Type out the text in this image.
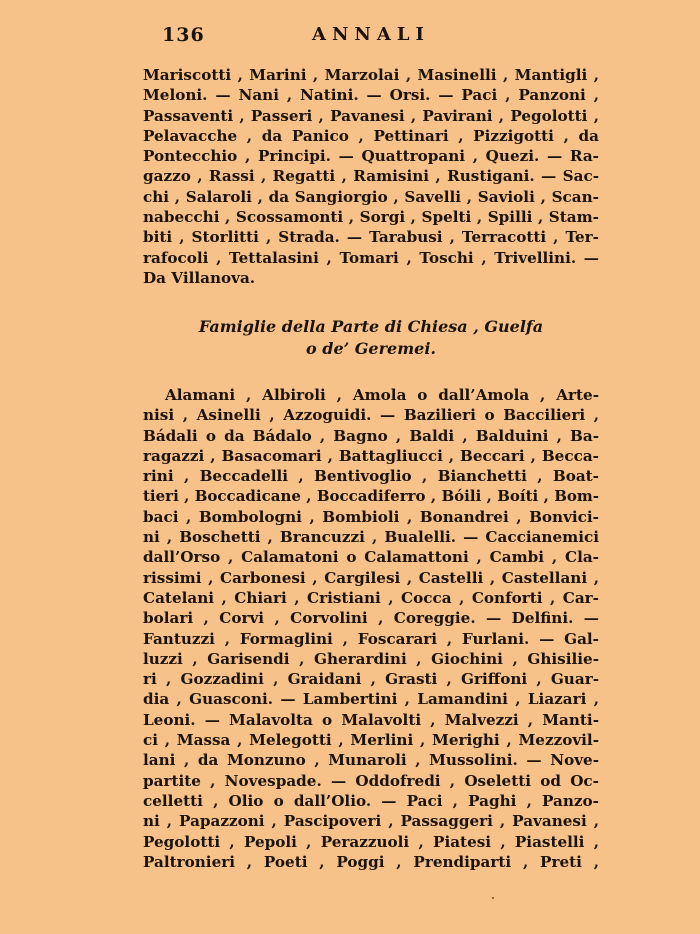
136	ANNALI
Mariscotti , Marini , Marzolai , Masinelli , Mantigli ,
Meloni. — Nani , Natini. — Orsi. — Paci , Panzoni ,
Passaventi , Passeri , Pavanesi , Pavirani , Pegolotti ,
Pelavacche , da Panico , Pettinari , Pizzigotti , da
Pontecchio , Principi. — Quattropani , Quezi. — Ra-
gazzo , Rassi , Regatti , Ramisini , Rustigani. — Sac-
chi , Salaroli , da Sangiorgio , Savelli , Savioli , Scan-
nabecchi , Scossamonti , Sorgi , Spelti , Spilli , Stam-
biti , Storlitti , Strada. — Tarabusi , Terracotti , Ter-
rafocoli , Tettalasini , Tomari , Toschi , Trivellini. —
Da Villanova.
Famiglie della Parte di Chiesa , Guelfa
o de’ Geremei.
Alamani , Albiroli , Amola o dall’Amola , Arte-
nisi , Asinelli , Azzoguidi. — Bazilieri o Baccilieri ,
Bádali o da Bádalo , Bagno , Baldi , Balduini , Ba-
ragazzi , Basacomari , Battagliucci , Beccari , Becca-
rini , Beccadelli , Bentivoglio , Bianchetti , Boat-
tieri , Boccadicane , Boccadiferro , Bóili , Boíti , Bom-
baci , Bombologni , Bombioli , Bonandrei , Bonvici-
ni , Boschetti , Brancuzzi , Bualelli. — Caccianemici
dall’Orso , Calamatoni o Calamattoni , Cambi , Cla-
rissimi , Carbonesi , Cargilesi , Castelli , Castellani ,
Catelani , Chiari , Cristiani , Cocca , Conforti , Car-
bolari , Corvi , Corvolini , Coreggie. — Delfini. —
Fantuzzi , Formaglini , Foscarari , Furlani. — Gal-
luzzi , Garisendi , Gherardini , Giochini , Ghisilie-
ri , Gozzadini , Graidani , Grasti , Griffoni , Guar-
dia , Guasconi. — Lambertini , Lamandini , Liazari ,
Leoni. — Malavolta o Malavolti , Malvezzi , Manti-
ci , Massa , Melegotti , Merlini , Merighi , Mezzovil-
lani , da Monzuno , Munaroli , Mussolini. — Nove-
partite , Novespade. — Oddofredi , Oseletti od Oc-
celletti , Olio o dall’Olio. — Paci , Paghi , Panzo-
ni , Papazzoni , Pascipoveri , Passaggeri , Pavanesi ,
Pegolotti , Pepoli , Perazzuoli , Piatesi , Piastelli ,
Paltronieri , Poeti , Poggi , Prendiparti , Preti ,
